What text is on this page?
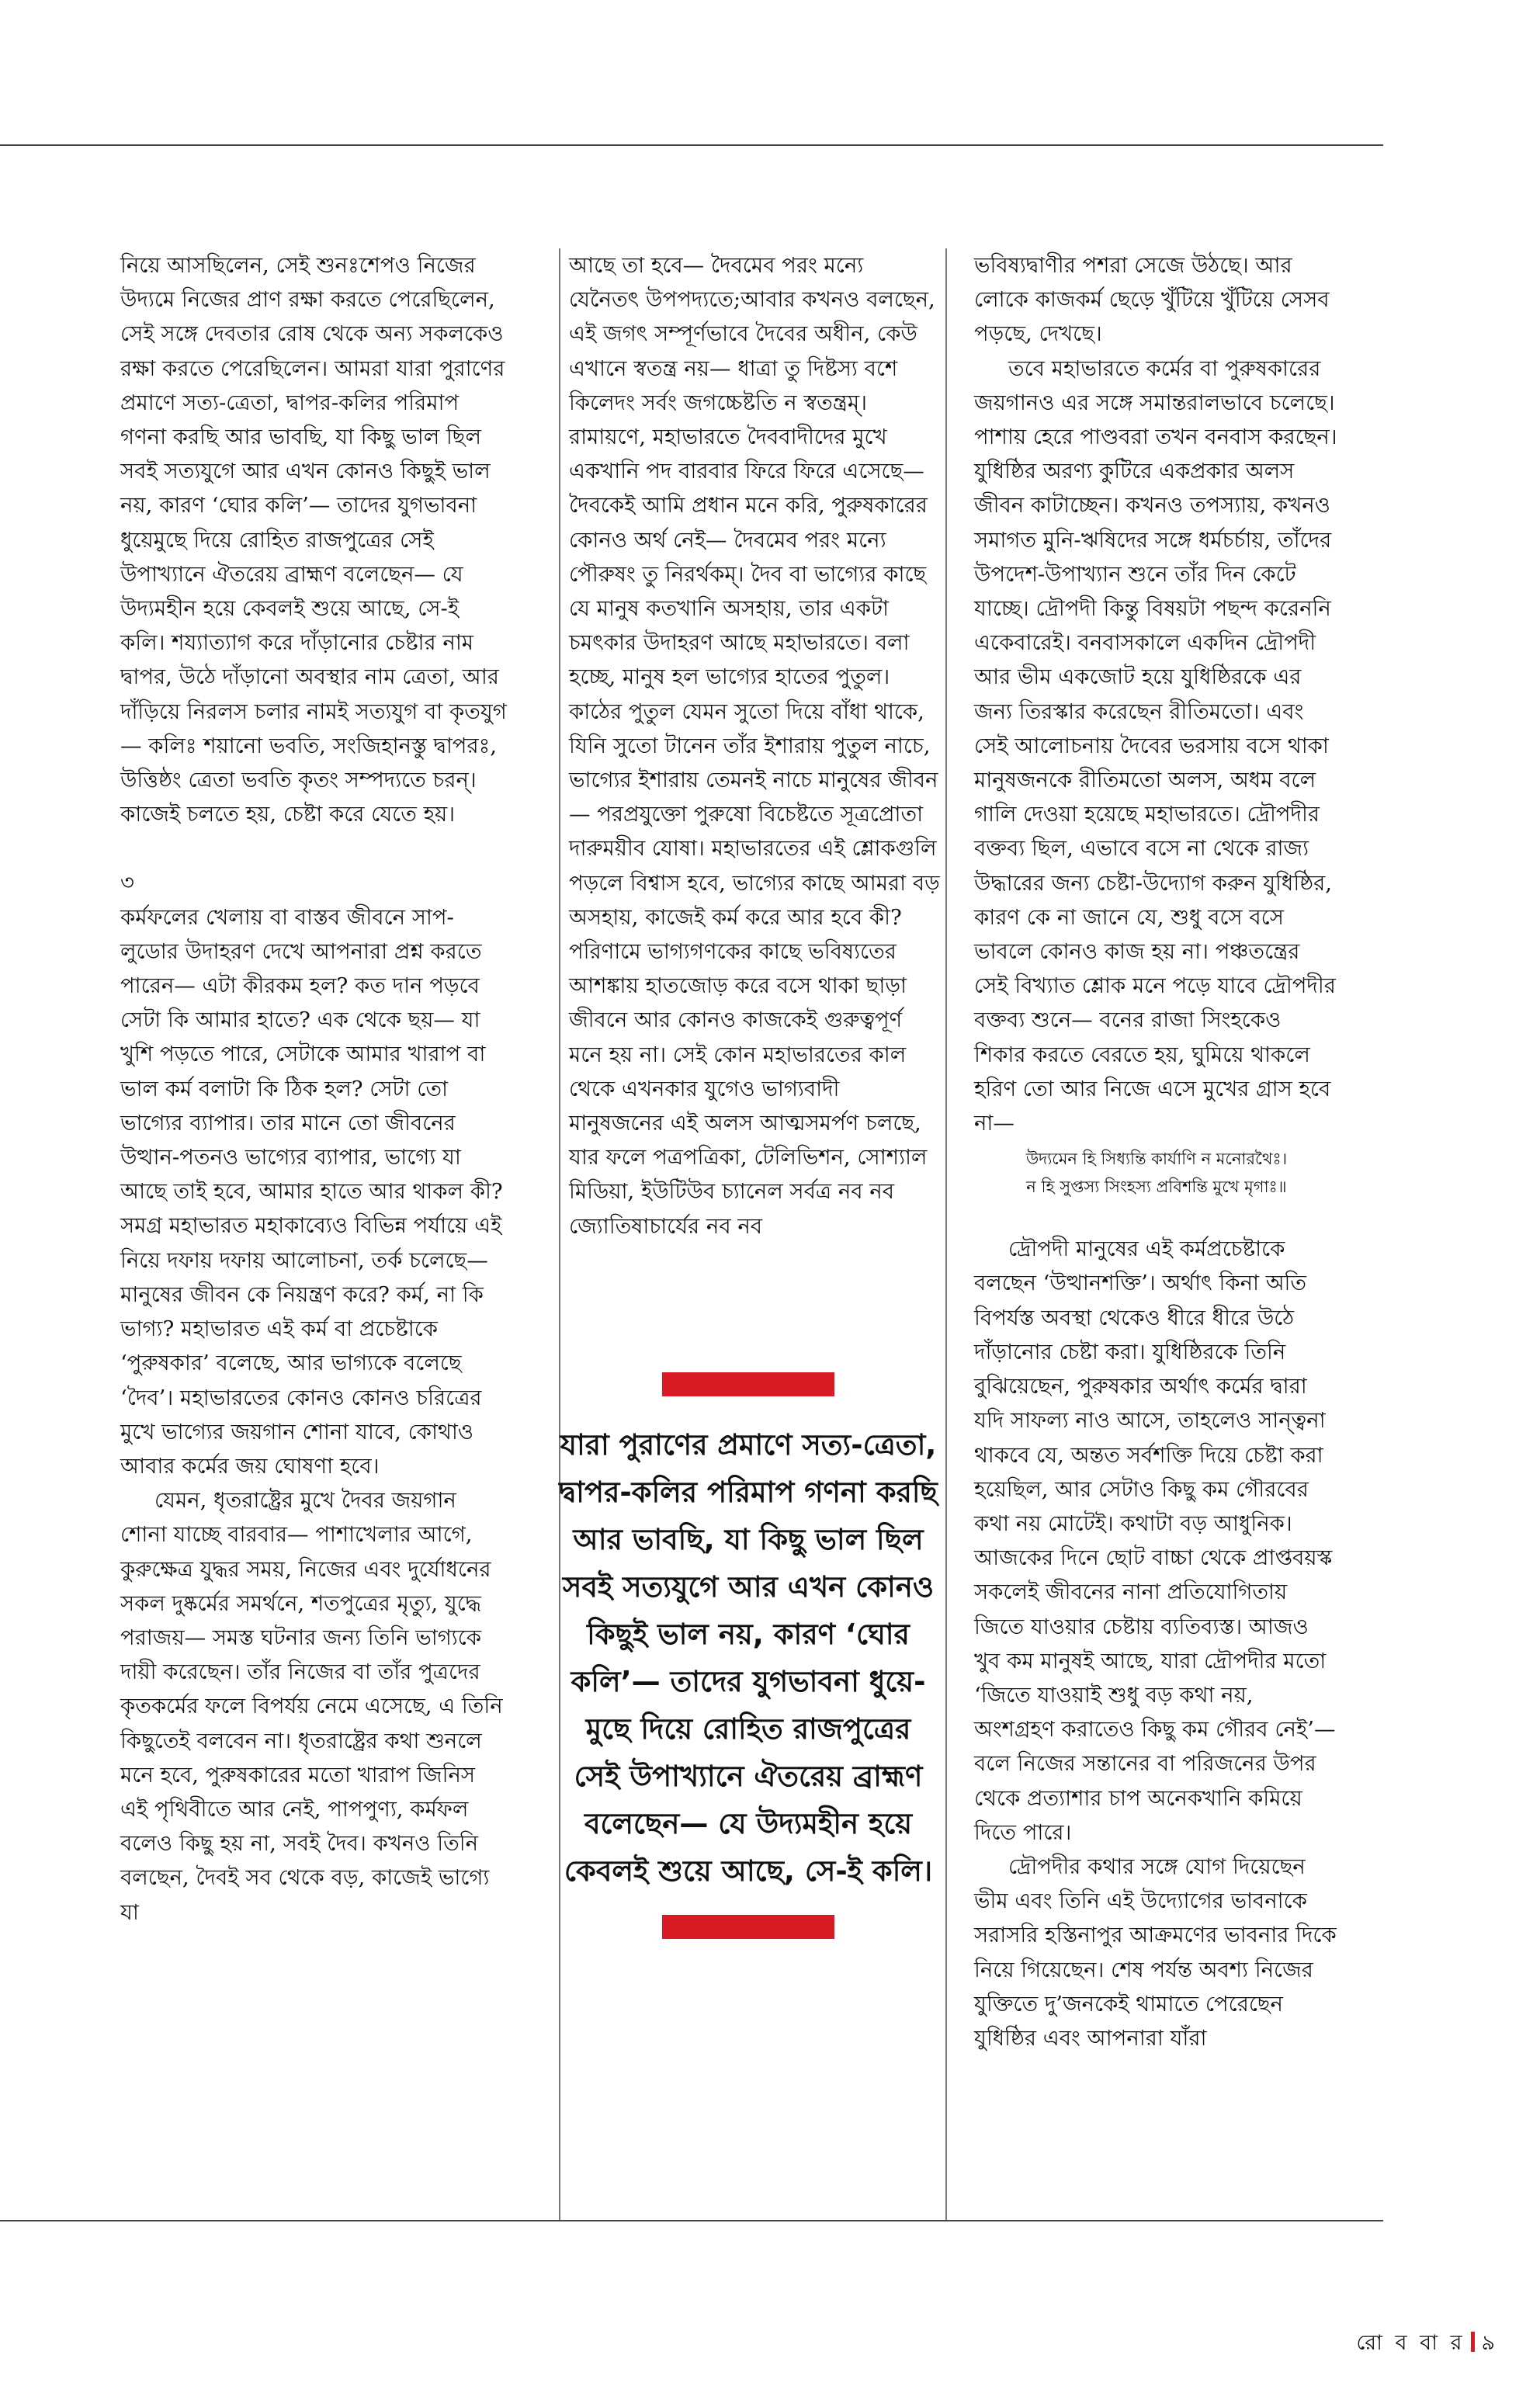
নিয়ে আসছিলেন, সেই শুনঃশেপও নিজের উদ্যমে নিজের প্রাণ রক্ষা করতে পেরেছিলেন, সেই সঙ্গে দেবতার রোষ থেকে অন্য সকলকেও রক্ষা করতে পেরেছিলেন। আমরা যারা পুরাণের প্রমাণে সত্য-ত্রেতা, দ্বাপর-কলির পরিমাপ গণনা করছি আর ভাবছি, যা কিছু ভাল ছিল সবই সত্যযুগে আর এখন কোনও কিছুই ভাল নয়, কারণ ‘ঘোর কলি’— তাদের যুগভাবনা ধুয়েমুছে দিয়ে রোহিত রাজপুত্রের সেই উপাখ্যানে ঐতরেয় ব্রাহ্মণ বলেছেন— যে উদ্যমহীন হয়ে কেবলই শুয়ে আছে, সে-ই কলি। শয্যাত্যাগ করে দাঁড়ানোর চেষ্টার নাম দ্বাপর, উঠে দাঁড়ানো অবস্থার নাম ত্রেতা, আর দাঁড়িয়ে নিরলস চলার নামই সত্যযুগ বা কৃতযুগ— কলিঃ শয়ানো ভবতি, সংজিহানস্তু দ্বাপরঃ, উত্তিষ্ঠং ত্রেতা ভবতি কৃতং সম্পদ্যতে চরন্। কাজেই চলতে হয়, চেষ্টা করে যেতে হয়।

৩

কর্মফলের খেলায় বা বাস্তব জীবনে সাপ-লুডোর উদাহরণ দেখে আপনারা প্রশ্ন করতে পারেন— এটা কীরকম হল? কত দান পড়বে সেটা কি আমার হাতে? এক থেকে ছয়— যা খুশি পড়তে পারে, সেটাকে আমার খারাপ বা ভাল কর্ম বলাটা কি ঠিক হল? সেটা তো ভাগ্যের ব্যাপার। তার মানে তো জীবনের উত্থান-পতনও ভাগ্যের ব্যাপার, ভাগ্যে যা আছে তাই হবে, আমার হাতে আর থাকল কী? সমগ্র মহাভারত মহাকাব্যেও বিভিন্ন পর্যায়ে এই নিয়ে দফায় দফায় আলোচনা, তর্ক চলেছে— মানুষের জীবন কে নিয়ন্ত্রণ করে? কর্ম, না কি ভাগ্য? মহাভারত এই কর্ম বা প্রচেষ্টাকে ‘পুরুষকার’ বলেছে, আর ভাগ্যকে বলেছে ‘দৈব’। মহাভারতের কোনও কোনও চরিত্রের মুখে ভাগ্যের জয়গান শোনা যাবে, কোথাও আবার কর্মের জয় ঘোষণা হবে।

যেমন, ধৃতরাষ্ট্রের মুখে দৈবর জয়গান শোনা যাচ্ছে বারবার— পাশাখেলার আগে, কুরুক্ষেত্র যুদ্ধর সময়, নিজের এবং দুর্যোধনের সকল দুষ্কর্মের সমর্থনে, শতপুত্রের মৃত্যু, যুদ্ধে পরাজয়— সমস্ত ঘটনার জন্য তিনি ভাগ্যকে দায়ী করেছেন। তাঁর নিজের বা তাঁর পুত্রদের কৃতকর্মের ফলে বিপর্যয় নেমে এসেছে, এ তিনি কিছুতেই বলবেন না। ধৃতরাষ্ট্রের কথা শুনলে মনে হবে, পুরুষকারের মতো খারাপ জিনিস এই পৃথিবীতে আর নেই, পাপপুণ্য, কর্মফল বলেও কিছু হয় না, সবই দৈব। কখনও তিনি বলছেন, দৈবই সব থেকে বড়, কাজেই ভাগ্যে যা

আছে তা হবে— দৈবমেব পরং মন্যে যেনৈতৎ উপপদ্যতে;আবার কখনও বলছেন, এই জগৎ সম্পূর্ণভাবে দৈবের অধীন, কেউ এখানে স্বতন্ত্র নয়— ধাত্রা তু দিষ্টস্য বশে কিলেদং সর্বং জগচ্চেষ্টতি ন স্বতন্ত্রম্। রামায়ণে, মহাভারতে দৈববাদীদের মুখে একখানি পদ বারবার ফিরে ফিরে এসেছে— দৈবকেই আমি প্রধান মনে করি, পুরুষকারের কোনও অর্থ নেই— দৈবমেব পরং মন্যে পৌরুষং তু নিরর্থকম্। দৈব বা ভাগ্যের কাছে যে মানুষ কতখানি অসহায়, তার একটা চমৎকার উদাহরণ আছে মহাভারতে। বলা হচ্ছে, মানুষ হল ভাগ্যের হাতের পুতুল। কাঠের পুতুল যেমন সুতো দিয়ে বাঁধা থাকে, যিনি সুতো টানেন তাঁর ইশারায় পুতুল নাচে, ভাগ্যের ইশারায় তেমনই নাচে মানুষের জীবন— পরপ্রযুক্তো পুরুষো বিচেষ্টতে সূত্রপ্রোতা দারুময়ীব যোষা। মহাভারতের এই শ্লোকগুলি পড়লে বিশ্বাস হবে, ভাগ্যের কাছে আমরা বড় অসহায়, কাজেই কর্ম করে আর হবে কী? পরিণামে ভাগ্যগণকের কাছে ভবিষ্যতের আশঙ্কায় হাতজোড় করে বসে থাকা ছাড়া জীবনে আর কোনও কাজকেই গুরুত্বপূর্ণ মনে হয় না। সেই কোন মহাভারতের কাল থেকে এখনকার যুগেও ভাগ্যবাদী মানুষজনের এই অলস আত্মসমর্পণ চলছে, যার ফলে পত্রপত্রিকা, টেলিভিশন, সোশ্যাল মিডিয়া, ইউটিউব চ্যানেল সর্বত্র নব নব জ্যোতিষাচার্যের নব নব

যারা পুরাণের প্রমাণে সত্য-ত্রেতা, দ্বাপর-কলির পরিমাপ গণনা করছি আর ভাবছি, যা কিছু ভাল ছিল সবই সত্যযুগে আর এখন কোনও কিছুই ভাল নয়, কারণ ‘ঘোর কলি’— তাদের যুগভাবনা ধুয়ে-মুছে দিয়ে রোহিত রাজপুত্রের সেই উপাখ্যানে ঐতরেয় ব্রাহ্মণ বলেছেন— যে উদ্যমহীন হয়ে কেবলই শুয়ে আছে, সে-ই কলি।

ভবিষ্যদ্বাণীর পশরা সেজে উঠছে। আর লোকে কাজকর্ম ছেড়ে খুঁটিয়ে খুঁটিয়ে সেসব পড়ছে, দেখছে।

তবে মহাভারতে কর্মের বা পুরুষকারের জয়গানও এর সঙ্গে সমান্তরালভাবে চলেছে। পাশায় হেরে পাণ্ডবরা তখন বনবাস করছেন। যুধিষ্ঠির অরণ্য কুটিরে একপ্রকার অলস জীবন কাটাচ্ছেন। কখনও তপস্যায়, কখনও সমাগত মুনি-ঋষিদের সঙ্গে ধর্মচর্চায়, তাঁদের উপদেশ-উপাখ্যান শুনে তাঁর দিন কেটে যাচ্ছে। দ্রৌপদী কিন্তু বিষয়টা পছন্দ করেননি একেবারেই। বনবাসকালে একদিন দ্রৌপদী আর ভীম একজোট হয়ে যুধিষ্ঠিরকে এর জন্য তিরস্কার করেছেন রীতিমতো। এবং সেই আলোচনায় দৈবের ভরসায় বসে থাকা মানুষজনকে রীতিমতো অলস, অধম বলে গালি দেওয়া হয়েছে মহাভারতে। দ্রৌপদীর বক্তব্য ছিল, এভাবে বসে না থেকে রাজ্য উদ্ধারের জন্য চেষ্টা-উদ্যোগ করুন যুধিষ্ঠির, কারণ কে না জানে যে, শুধু বসে বসে ভাবলে কোনও কাজ হয় না। পঞ্চতন্ত্রের সেই বিখ্যাত শ্লোক মনে পড়ে যাবে দ্রৌপদীর বক্তব্য শুনে— বনের রাজা সিংহকেও শিকার করতে বেরতে হয়, ঘুমিয়ে থাকলে হরিণ তো আর নিজে এসে মুখের গ্রাস হবে না—

উদ্যমেন হি সিধ্যন্তি কার্যাণি ন মনোরথৈঃ।
ন হি সুপ্তস্য সিংহস্য প্রবিশন্তি মুখে মৃগাঃ॥

দ্রৌপদী মানুষের এই কর্মপ্রচেষ্টাকে বলছেন ‘উত্থানশক্তি’। অর্থাৎ কিনা অতি বিপর্যস্ত অবস্থা থেকেও ধীরে ধীরে উঠে দাঁড়ানোর চেষ্টা করা। যুধিষ্ঠিরকে তিনি বুঝিয়েছেন, পুরুষকার অর্থাৎ কর্মের দ্বারা যদি সাফল্য নাও আসে, তাহলেও সান্ত্বনা থাকবে যে, অন্তত সর্বশক্তি দিয়ে চেষ্টা করা হয়েছিল, আর সেটাও কিছু কম গৌরবের কথা নয় মোটেই। কথাটা বড় আধুনিক। আজকের দিনে ছোট বাচ্চা থেকে প্রাপ্তবয়স্ক সকলেই জীবনের নানা প্রতিযোগিতায় জিতে যাওয়ার চেষ্টায় ব্যতিব্যস্ত। আজও খুব কম মানুষই আছে, যারা দ্রৌপদীর মতো ‘জিতে যাওয়াই শুধু বড় কথা নয়, অংশগ্রহণ করাতেও কিছু কম গৌরব নেই’— বলে নিজের সন্তানের বা পরিজনের উপর থেকে প্রত্যাশার চাপ অনেকখানি কমিয়ে দিতে পারে।

দ্রৌপদীর কথার সঙ্গে যোগ দিয়েছেন ভীম এবং তিনি এই উদ্যোগের ভাবনাকে সরাসরি হস্তিনাপুর আক্রমণের ভাবনার দিকে নিয়ে গিয়েছেন। শেষ পর্যন্ত অবশ্য নিজের যুক্তিতে দু’জনকেই থামাতে পেরেছেন যুধিষ্ঠির এবং আপনারা যাঁরা

রো ব বা র ৯
